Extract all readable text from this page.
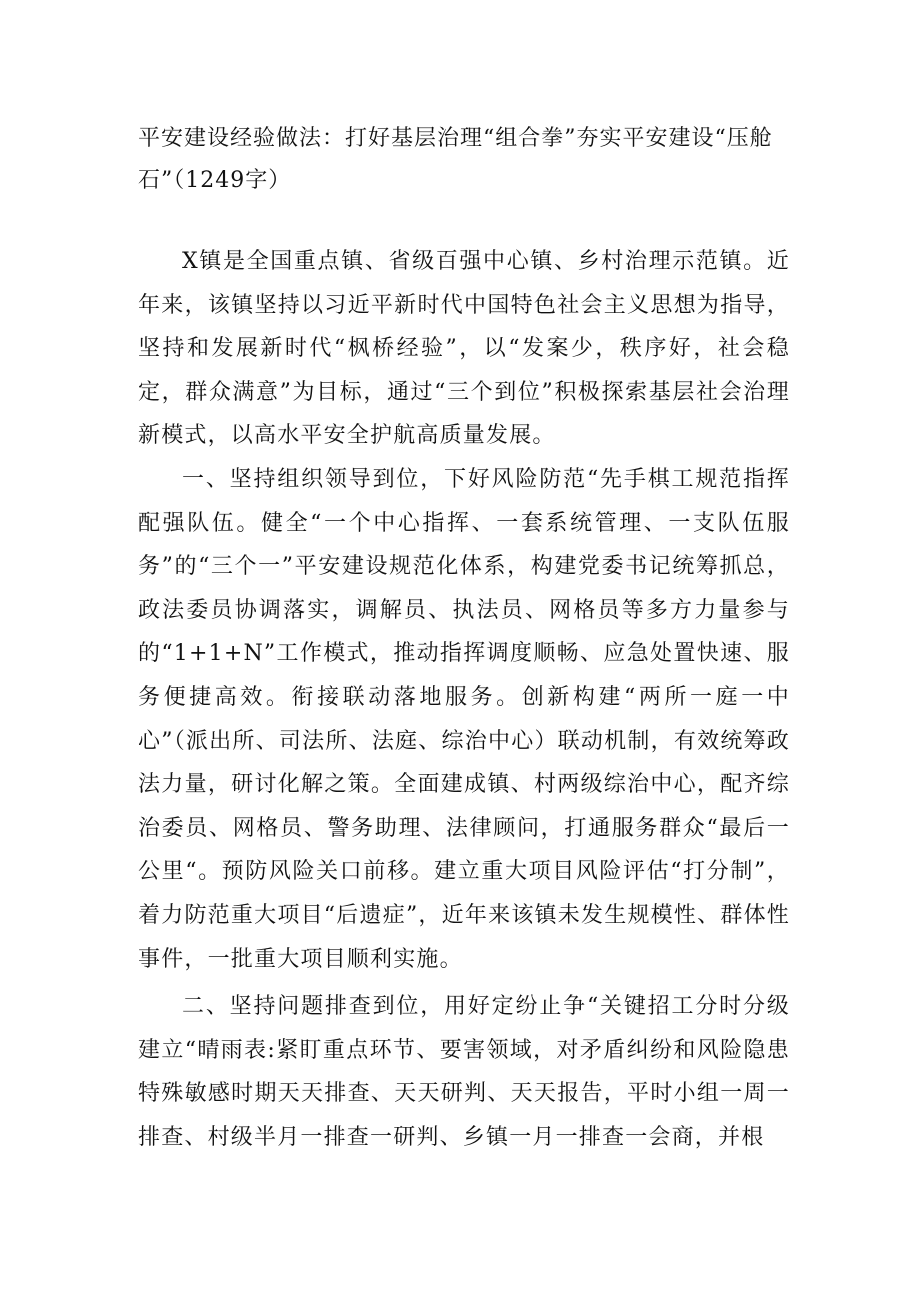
平安建设经验做法：打好基层治理“组合拳”夯实平安建设“压舱石”（1249字）

X镇是全国重点镇、省级百强中心镇、乡村治理示范镇。近年来，该镇坚持以习近平新时代中国特色社会主义思想为指导，坚持和发展新时代“枫桥经验”，以“发案少，秩序好，社会稳定，群众满意”为目标，通过“三个到位”积极探索基层社会治理新模式，以高水平安全护航高质量发展。

一、坚持组织领导到位，下好风险防范“先手棋工规范指挥配强队伍。健全“一个中心指挥、一套系统管理、一支队伍服务”的“三个一”平安建设规范化体系，构建党委书记统筹抓总，政法委员协调落实，调解员、执法员、网格员等多方力量参与的“1+1+N”工作模式，推动指挥调度顺畅、应急处置快速、服务便捷高效。衔接联动落地服务。创新构建“两所一庭一中心”（派出所、司法所、法庭、综治中心）联动机制，有效统筹政法力量，研讨化解之策。全面建成镇、村两级综治中心，配齐综治委员、网格员、警务助理、法律顾问，打通服务群众“最后一公里“。预防风险关口前移。建立重大项目风险评估“打分制”，着力防范重大项目“后遗症”，近年来该镇未发生规模性、群体性事件，一批重大项目顺利实施。

二、坚持问题排查到位，用好定纷止争“关键招工分时分级建立“晴雨表:紧盯重点环节、要害领域，对矛盾纠纷和风险隐患特殊敏感时期天天排查、天天研判、天天报告，平时小组一周一排查、村级半月一排查一研判、乡镇一月一排查一会商，并根
